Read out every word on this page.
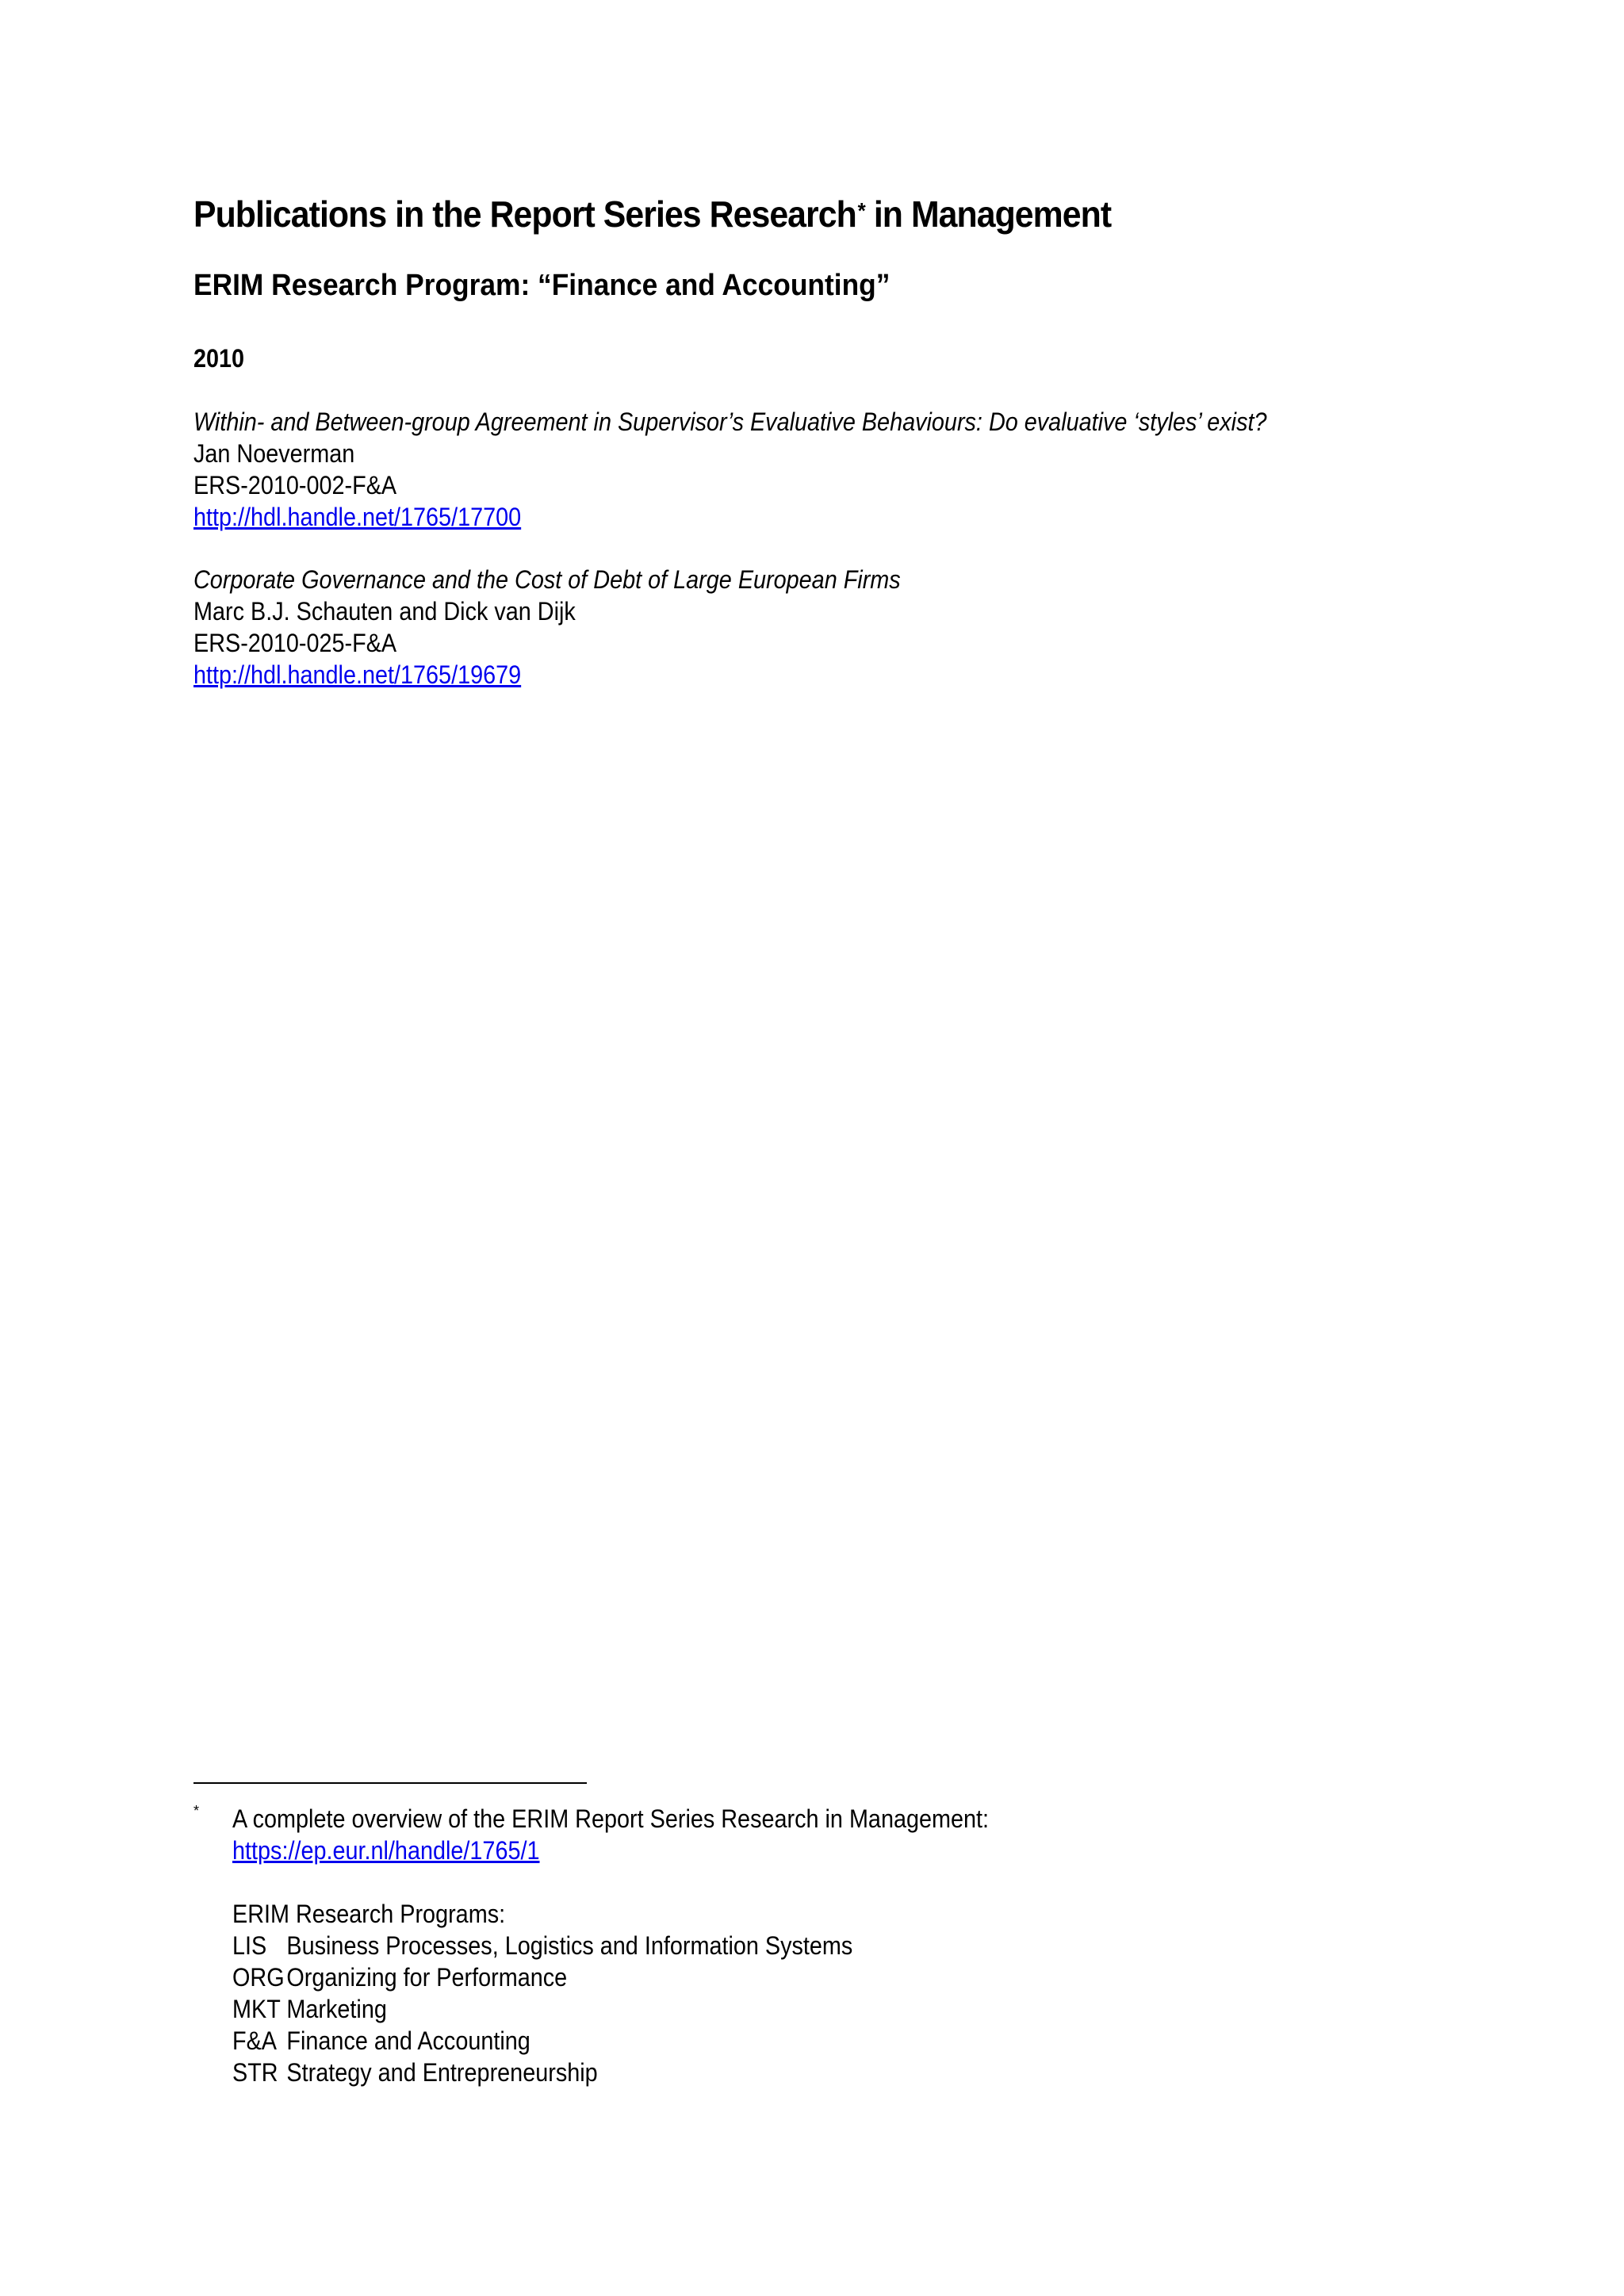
Publications in the Report Series Research* in Management
ERIM Research Program: “Finance and Accounting”
2010
Within- and Between-group Agreement in Supervisor’s Evaluative Behaviours: Do evaluative ‘styles’ exist?
Jan Noeverman
ERS-2010-002-F&A
http://hdl.handle.net/1765/17700
Corporate Governance and the Cost of Debt of Large European Firms
Marc B.J. Schauten and Dick van Dijk
ERS-2010-025-F&A
http://hdl.handle.net/1765/19679
* A complete overview of the ERIM Report Series Research in Management:
https://ep.eur.nl/handle/1765/1
ERIM Research Programs:
LIS Business Processes, Logistics and Information Systems
ORG Organizing for Performance
MKT Marketing
F&A Finance and Accounting
STR Strategy and Entrepreneurship
